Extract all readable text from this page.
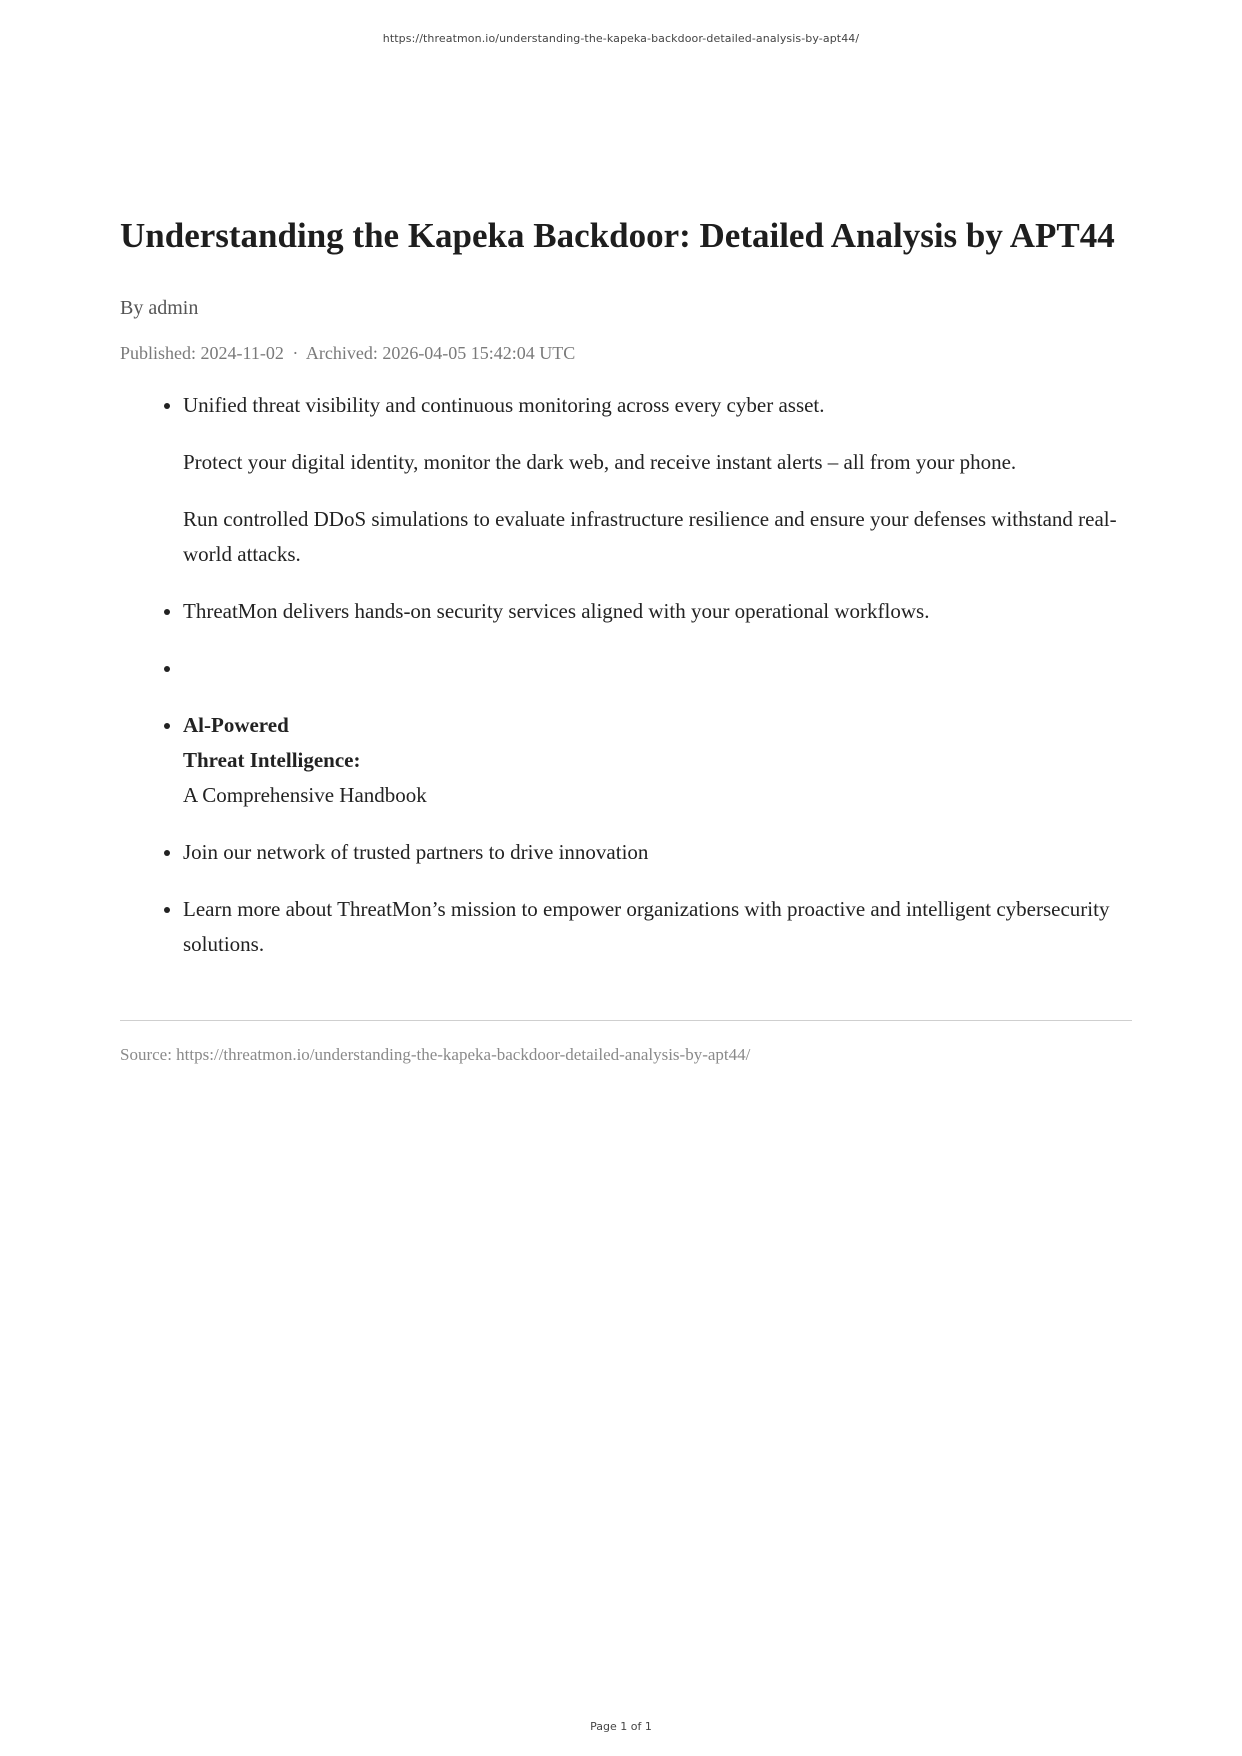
https://threatmon.io/understanding-the-kapeka-backdoor-detailed-analysis-by-apt44/
Understanding the Kapeka Backdoor: Detailed Analysis by APT44
By admin
Published: 2024-11-02 · Archived: 2026-04-05 15:42:04 UTC

• Unified threat visibility and continuous monitoring across every cyber asset.

Protect your digital identity, monitor the dark web, and receive instant alerts – all from your phone.

Run controlled DDoS simulations to evaluate infrastructure resilience and ensure your defenses withstand real-world attacks.

• ThreatMon delivers hands-on security services aligned with your operational workflows.
•
• Al-Powered
Threat Intelligence:
A Comprehensive Handbook
• Join our network of trusted partners to drive innovation
• Learn more about ThreatMon’s mission to empower organizations with proactive and intelligent cybersecurity solutions.
Source: https://threatmon.io/understanding-the-kapeka-backdoor-detailed-analysis-by-apt44/
Page 1 of 1
